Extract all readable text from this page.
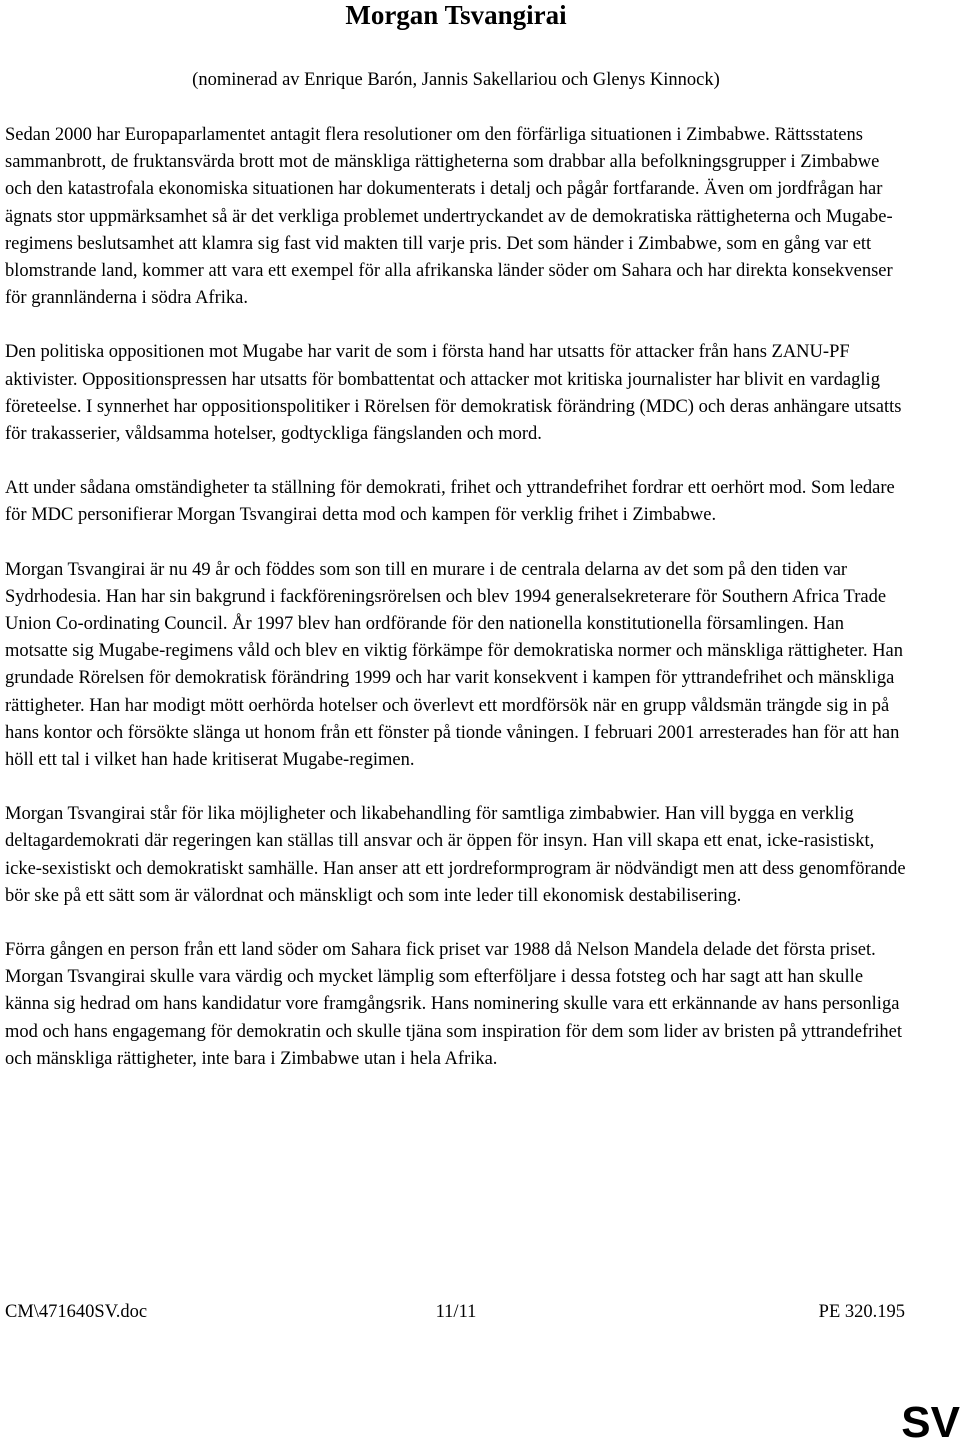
Morgan Tsvangirai
(nominerad av Enrique Barón, Jannis Sakellariou och Glenys Kinnock)

Sedan 2000 har Europaparlamentet antagit flera resolutioner om den förfärliga situationen i Zimbabwe. Rättsstatens sammanbrott, de fruktansvärda brott mot de mänskliga rättigheterna som drabbar alla befolkningsgrupper i Zimbabwe och den katastrofala ekonomiska situationen har dokumenterats i detalj och pågår fortfarande. Även om jordfrågan har ägnats stor uppmärksamhet så är det verkliga problemet undertryckandet av de demokratiska rättigheterna och Mugabe-regimens beslutsamhet att klamra sig fast vid makten till varje pris. Det som händer i Zimbabwe, som en gång var ett blomstrande land, kommer att vara ett exempel för alla afrikanska länder söder om Sahara och har direkta konsekvenser för grannländerna i södra Afrika.

Den politiska oppositionen mot Mugabe har varit de som i första hand har utsatts för attacker från hans ZANU-PF aktivister. Oppositionspressen har utsatts för bombattentat och attacker mot kritiska journalister har blivit en vardaglig företeelse. I synnerhet har oppositionspolitiker i Rörelsen för demokratisk förändring (MDC) och deras anhängare utsatts för trakasserier, våldsamma hotelser, godtyckliga fängslanden och mord.

Att under sådana omständigheter ta ställning för demokrati, frihet och yttrandefrihet fordrar ett oerhört mod. Som ledare för MDC personifierar Morgan Tsvangirai detta mod och kampen för verklig frihet i Zimbabwe.

Morgan Tsvangirai är nu 49 år och föddes som son till en murare i de centrala delarna av det som på den tiden var Sydrhodesia. Han har sin bakgrund i fackföreningsrörelsen och blev 1994 generalsekreterare för Southern Africa Trade Union Co-ordinating Council. År 1997 blev han ordförande för den nationella konstitutionella församlingen. Han motsatte sig Mugabe-regimens våld och blev en viktig förkämpe för demokratiska normer och mänskliga rättigheter. Han grundade Rörelsen för demokratisk förändring 1999 och har varit konsekvent i kampen för yttrandefrihet och mänskliga rättigheter. Han har modigt mött oerhörda hotelser och överlevt ett mordförsök när en grupp våldsmän trängde sig in på hans kontor och försökte slänga ut honom från ett fönster på tionde våningen. I februari 2001 arresterades han för att han höll ett tal i vilket han hade kritiserat Mugabe-regimen.

Morgan Tsvangirai står för lika möjligheter och likabehandling för samtliga zimbabwier. Han vill bygga en verklig deltagardemokrati där regeringen kan ställas till ansvar och är öppen för insyn. Han vill skapa ett enat, icke-rasistiskt, icke-sexistiskt och demokratiskt samhälle. Han anser att ett jordreformprogram är nödvändigt men att dess genomförande bör ske på ett sätt som är välordnat och mänskligt och som inte leder till ekonomisk destabilisering.

Förra gången en person från ett land söder om Sahara fick priset var 1988 då Nelson Mandela delade det första priset. Morgan Tsvangirai skulle vara värdig och mycket lämplig som efterföljare i dessa fotsteg och har sagt att han skulle känna sig hedrad om hans kandidatur vore framgångsrik. Hans nominering skulle vara ett erkännande av hans personliga mod och hans engagemang för demokratin och skulle tjäna som inspiration för dem som lider av bristen på yttrandefrihet och mänskliga rättigheter, inte bara i Zimbabwe utan i hela Afrika.

CM\471640SV.doc	11/11	PE 320.195
SV
